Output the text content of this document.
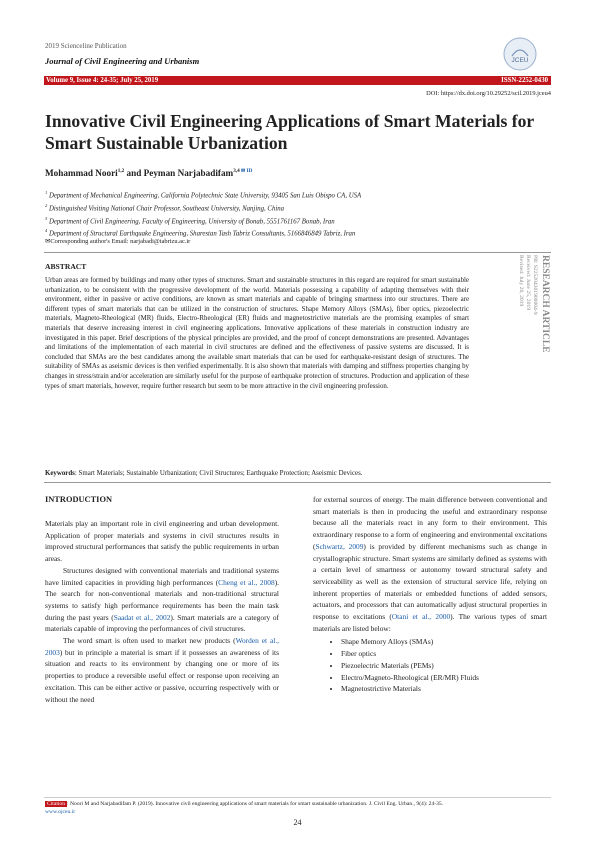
2019 Scienceline Publication
Journal of Civil Engineering and Urbanism	JCEU
Volume 9, Issue 4: 24-35; July 25, 2019	ISSN-2252-0430
DOI: https://dx.doi.org/10.29252/scil.2019.jceu4
Innovative Civil Engineering Applications of Smart Materials for Smart Sustainable Urbanization
Mohammad Noori$^{1,2}$ and Peyman Narjabadifam$^{3,4}$ $^{✉ ID}$
$^1$ Department of Mechanical Engineering, California Polytechnic State University, 93405 San Luis Obispo CA, USA
$^2$ Distinguished Visiting National Chair Professor, Southeast University, Nanjing, China
$^3$ Department of Civil Engineering, Faculty of Engineering, University of Bonab, 5551761167 Bonab, Iran
$^4$ Department of Structural Earthquake Engineering, Sharestan Tash Tabriz Consultants, 5166846849 Tabriz, Iran
✉Corresponding author's Email: narjabadi@tabrizu.ac.ir
ABSTRACT
Urban areas are formed by buildings and many other types of structures. Smart and sustainable structures in this regard are required for smart sustainable urbanization, to be consistent with the progressive development of the world. Materials possessing a capability of adapting themselves with their environment, either in passive or active conditions, are known as smart materials and capable of bringing smartness into our structures. There are different types of smart materials that can be utilized in the construction of structures. Shape Memory Alloys (SMAs), fiber optics, piezoelectric materials, Magneto-Rheological (MR) fluids, Electro-Rheological (ER) fluids and magnetostrictive materials are the promising examples of smart materials that deserve increasing interest in civil engineering applications. Innovative applications of these materials in construction industry are investigated in this paper. Brief descriptions of the physical principles are provided, and the proof of concept demonstrations are presented. Advantages and limitations of the implementation of each material in civil structures are defined and the effectiveness of passive systems are discussed. It is concluded that SMAs are the best candidates among the available smart materials that can be used for earthquake-resistant design of structures. The suitability of SMAs as aseismic devices is then verified experimentally. It is also shown that materials with damping and stiffness properties changing by changes in stress/strain and/or acceleration are similarly useful for the purpose of earthquake protection of structures. Production and application of these types of smart materials, however, require further research but seem to be more attractive in the civil engineering profession.
Keywords: Smart Materials; Sustainable Urbanization; Civil Structures; Earthquake Protection; Aseismic Devices.
RESEARCH ARTICLE
PII: S225204301900004-9
Received: June 25, 2019
Revised: July 20, 2019
INTRODUCTION

Materials play an important role in civil engineering and urban development. Application of proper materials and systems in civil structures results in improved structural performances that satisfy the public requirements in urban areas.

Structures designed with conventional materials and traditional systems have limited capacities in providing high performances (Cheng et al., 2008). The search for non-conventional materials and non-traditional structural systems to satisfy high performance requirements has been the main task during the past years (Saadat et al., 2002). Smart materials are a category of materials capable of improving the performances of civil structures.

The word smart is often used to market new products (Worden et al., 2003) but in principle a material is smart if it possesses an awareness of its situation and reacts to its environment by changing one or more of its properties to produce a reversible useful effect or response upon receiving an excitation. This can be either active or passive, occurring respectively with or without the need

for external sources of energy. The main difference between conventional and smart materials is then in producing the useful and extraordinary response because all the materials react in any form to their environment. This extraordinary response to a form of engineering and environmental excitations (Schwartz, 2009) is provided by different mechanisms such as change in crystallographic structure. Smart systems are similarly defined as systems with a certain level of smartness or autonomy toward structural safety and serviceability as well as the extension of structural service life, relying on inherent properties of materials or embedded functions of added sensors, actuators, and processors that can automatically adjust structural properties in response to excitations (Otani et al., 2000). The various types of smart materials are listed below:

• Shape Memory Alloys (SMAs)
• Fiber optics
• Piezoelectric Materials (PEMs)
• Electro/Magneto-Rheological (ER/MR) Fluids
• Magnetostrictive Materials
Citation : Noori M and Narjabadifam P. (2019). Innovative civil engineering applications of smart materials for smart sustainable urbanization. J. Civil Eng. Urban., 9(4): 24-35.
www.ojceu.ir
24
